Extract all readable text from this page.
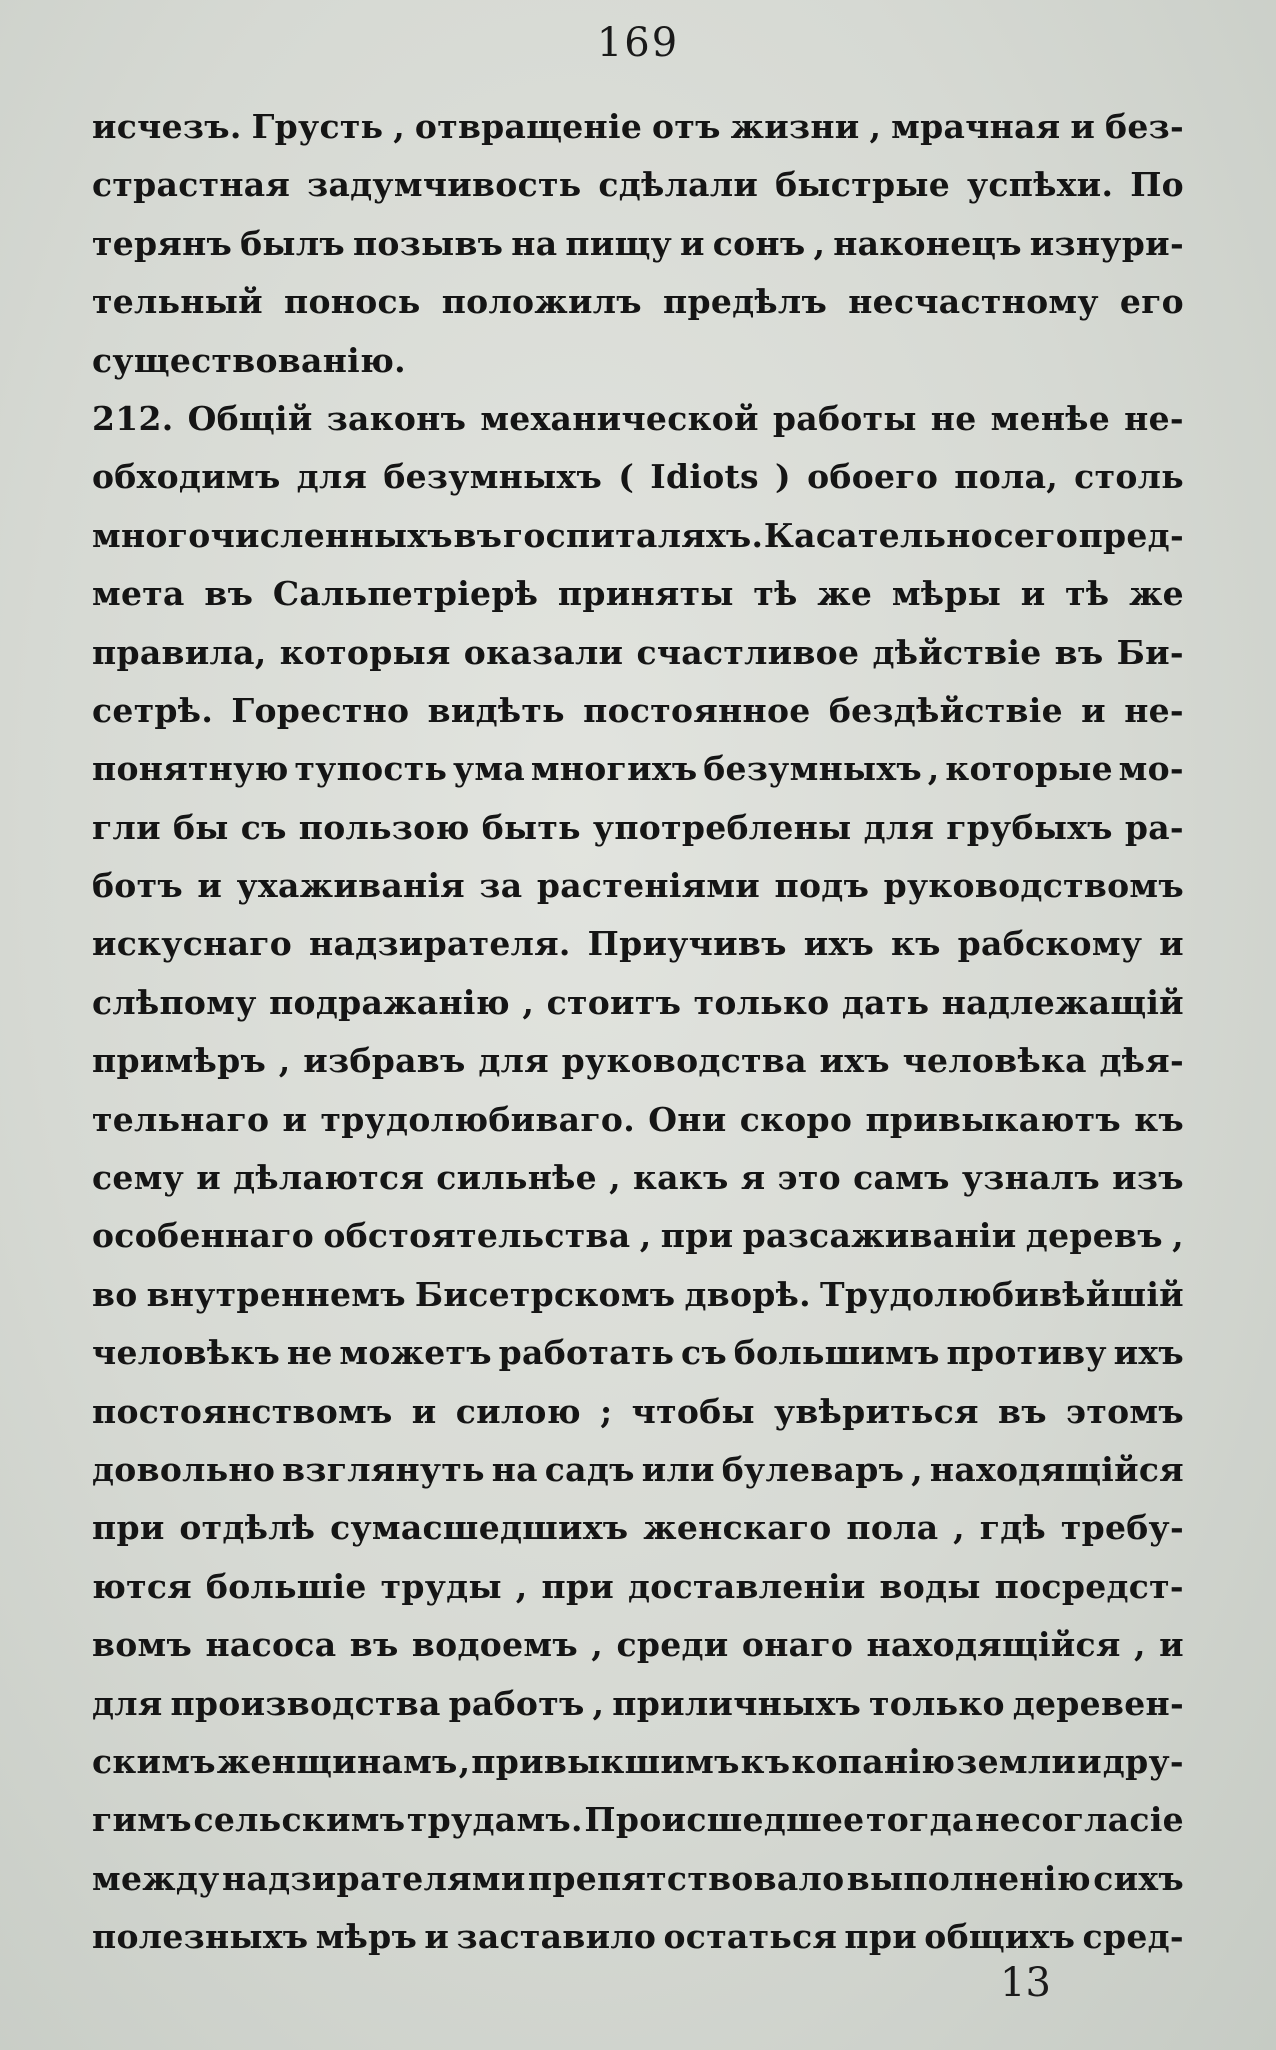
169
исчезъ. Грусть , отвращеніе отъ жизни , мрачная и без-
страстная задумчивость сдѣлали быстрые успѣхи. По
терянъ былъ позывъ на пищу и сонъ , наконецъ изнури-
тельный понось положилъ предѣлъ несчастному его
существованію.
212. Общій законъ механической работы не менѣе не-
обходимъ для безумныхъ ( Idiots ) обоего пола, столь
многочисленныхъ въ госпиталяхъ. Касательно сего пред-
мета въ Сальпетріерѣ приняты тѣ же мѣры и тѣ же
правила, которыя оказали счастливое дѣйствіе въ Би-
сетрѣ. Горестно видѣть постоянное бездѣйствіе и не-
понятную тупость ума многихъ безумныхъ , которые мо-
гли бы съ пользою быть употреблены для грубыхъ ра-
ботъ и ухаживанія за растеніями подъ руководствомъ
искуснаго надзирателя. Приучивъ ихъ къ рабскому и
слѣпому подражанію , стоитъ только дать надлежащій
примѣръ , избравъ для руководства ихъ человѣка дѣя-
тельнаго и трудолюбиваго. Они скоро привыкаютъ къ
сему и дѣлаются сильнѣе , какъ я это самъ узналъ изъ
особеннаго обстоятельства , при разсаживаніи деревъ ,
во внутреннемъ Бисетрскомъ дворѣ. Трудолюбивѣйшій
человѣкъ не можетъ работать съ большимъ противу ихъ
постоянствомъ и силою ; чтобы увѣриться въ этомъ
довольно взглянуть на садъ или булеваръ , находящійся
при отдѣлѣ сумасшедшихъ женскаго пола , гдѣ требу-
ются большіе труды , при доставленіи воды посредст-
вомъ насоса въ водоемъ , среди онаго находящійся , и
для производства работъ , приличныхъ только деревен-
скимъ женщинамъ , привыкшимъ къ копанію земли и дру-
гимъ сельскимъ трудамъ. Происшедшее тогда несогласіе
между надзирателями препятствовало выполненію сихъ
полезныхъ мѣръ и заставило остаться при общихъ сред-
13
